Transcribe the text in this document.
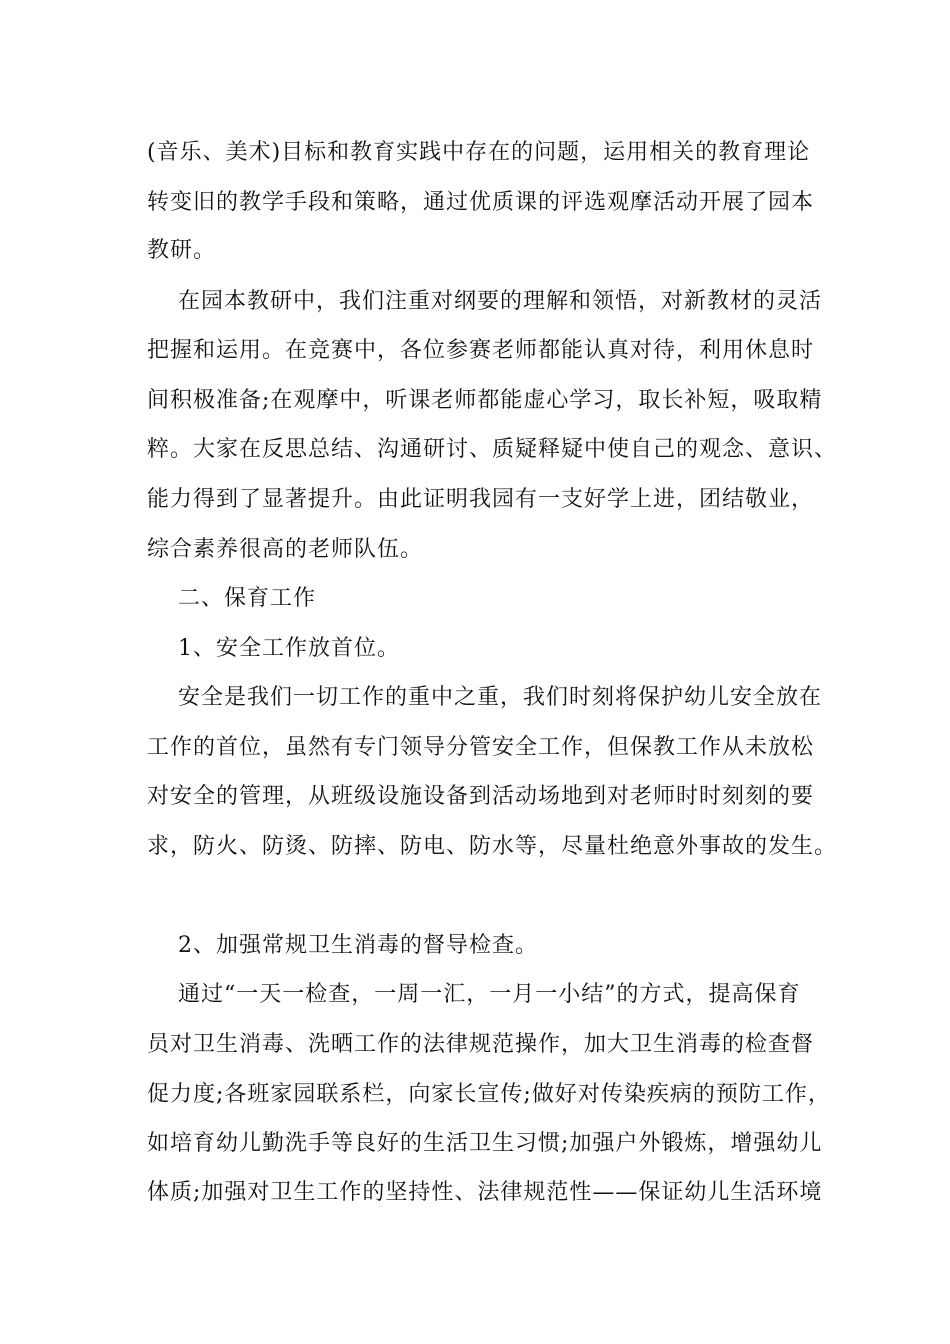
(音乐、美术)目标和教育实践中存在的问题，运用相关的教育理论
转变旧的教学手段和策略，通过优质课的评选观摩活动开展了园本
教研。
在园本教研中，我们注重对纲要的理解和领悟，对新教材的灵活
把握和运用。在竞赛中，各位参赛老师都能认真对待，利用休息时
间积极准备;在观摩中，听课老师都能虚心学习，取长补短，吸取精
粹。大家在反思总结、沟通研讨、质疑释疑中使自己的观念、意识、
能力得到了显著提升。由此证明我园有一支好学上进，团结敬业，
综合素养很高的老师队伍。
二、保育工作
1、安全工作放首位。
安全是我们一切工作的重中之重，我们时刻将保护幼儿安全放在
工作的首位，虽然有专门领导分管安全工作，但保教工作从未放松
对安全的管理，从班级设施设备到活动场地到对老师时时刻刻的要
求，防火、防烫、防摔、防电、防水等，尽量杜绝意外事故的发生。
2、加强常规卫生消毒的督导检查。
通过“一天一检查，一周一汇，一月一小结”的方式，提高保育
员对卫生消毒、洗晒工作的法律规范操作，加大卫生消毒的检查督
促力度;各班家园联系栏，向家长宣传;做好对传染疾病的预防工作，
如培育幼儿勤洗手等良好的生活卫生习惯;加强户外锻炼，增强幼儿
体质;加强对卫生工作的坚持性、法律规范性——保证幼儿生活环境
